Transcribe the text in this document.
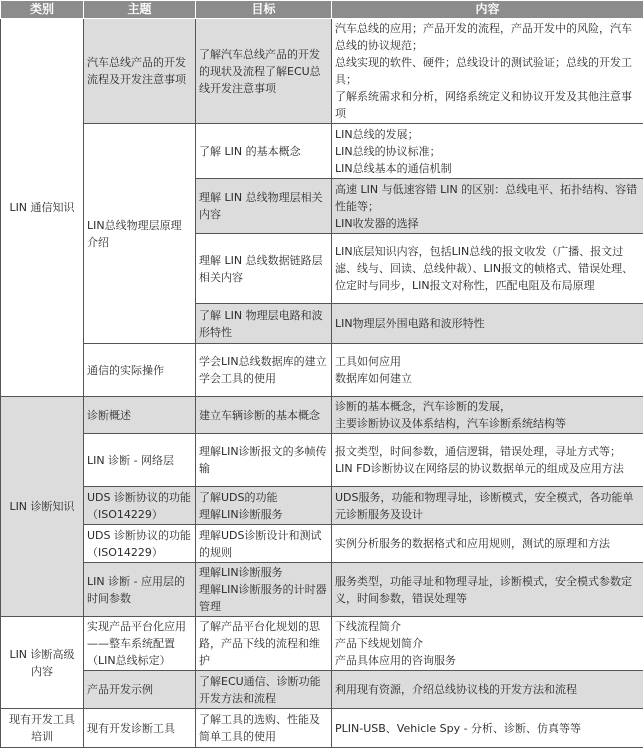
类别	主题	目标	内容
LIN 通信知识	汽车总线产品的开发流程及开发注意事项	了解汽车总线产品的开发的现状及流程了解ECU总线开发注意事项	汽车总线的应用；产品开发的流程，产品开发中的风险，汽车总线的协议规范；
总线实现的软件、硬件；总线设计的测试验证；总线的开发工具；
了解系统需求和分析，网络系统定义和协议开发及其他注意事项
	LIN总线物理层原理介绍	了解 LIN 的基本概念	LIN总线的发展；
LIN总线的协议标准；
LIN总线基本的通信机制
		理解 LIN 总线物理层相关内容	高速 LIN 与低速容错 LIN 的区别：总线电平、拓扑结构、容错性能等；
LIN收发器的选择
		理解 LIN 总线数据链路层相关内容	LIN底层知识内容，包括LIN总线的报文收发（广播、报文过滤、线与、回读、总线仲裁）、LIN报文的帧格式、错误处理、位定时与同步，LIN报文对称性，匹配电阻及布局原理
		了解 LIN 物理层电路和波形特性	LIN物理层外围电路和波形特性
	通信的实际操作	学会LIN总线数据库的建立
学会工具的使用	工具如何应用
数据库如何建立
LIN 诊断知识	诊断概述	建立车辆诊断的基本概念	诊断的基本概念，汽车诊断的发展，
主要诊断协议及体系结构，汽车诊断系统结构等
	LIN 诊断 - 网络层	理解LIN诊断报文的多帧传输	报文类型，时间参数，通信逻辑，错误处理，寻址方式等；
LIN FD诊断协议在网络层的协议数据单元的组成及应用方法
	UDS 诊断协议的功能（ISO14229）	了解UDS的功能
理解LIN诊断服务	UDS服务，功能和物理寻址，诊断模式，安全模式，各功能单元诊断服务及设计
	UDS 诊断协议的功能（ISO14229）	理解UDS诊断设计和测试的规则	实例分析服务的数据格式和应用规则，测试的原理和方法
	LIN 诊断 - 应用层的时间参数	理解LIN诊断服务
理解LIN诊断服务的计时器管理	服务类型，功能寻址和物理寻址，诊断模式，安全模式参数定义，时间参数，错误处理等
LIN 诊断高级内容	实现产品平台化应用——整车系统配置（LIN总线标定）	了解产品平台化规划的思路，产品下线的流程和维护	下线流程简介
产品下线规划简介
产品具体应用的咨询服务
	产品开发示例	了解ECU通信、诊断功能开发方法和流程	利用现有资源，介绍总线协议栈的开发方法和流程
现有开发工具培训	现有开发诊断工具	了解工具的选购、性能及简单工具的使用	PLIN-USB、Vehicle Spy - 分析、诊断、仿真等等
